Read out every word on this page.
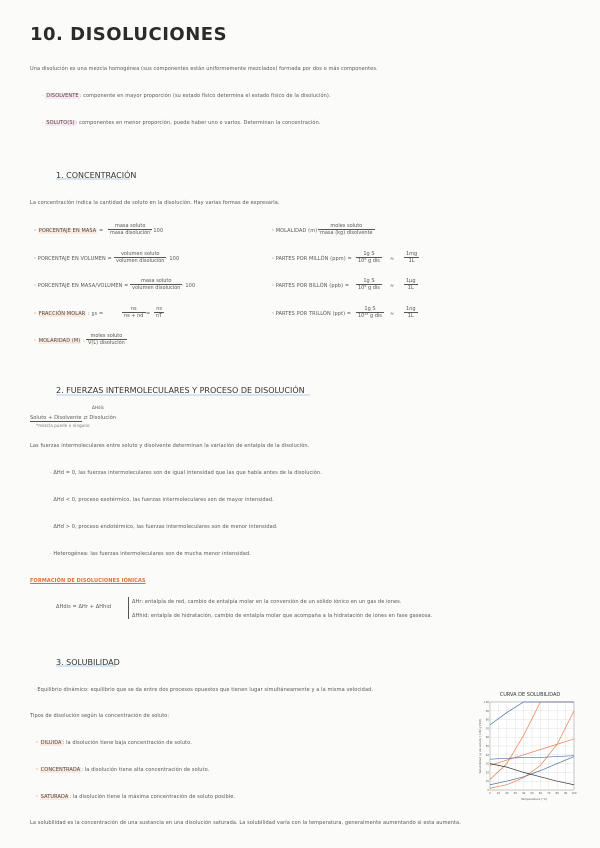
10. DISOLUCIONES
Una disolución es una mezcla homogénea (sus componentes están uniformemente mezclados) formada por dos o más componentes.
· DISOLVENTE: componente en mayor proporción (su estado físico determina el estado físico de la disolución).
· SOLUTO(S): componentes en menor proporción, puede haber uno o varios. Determinan la concentración.
1. CONCENTRACIÓN
La concentración indica la cantidad de soluto en la disolución. Hay varias formas de expresarla.
· PORCENTAJE EN MASA =
masa soluto
masa disolución · 100
· PORCENTAJE EN VOLUMEN =
volumen soluto
volumen disolución · 100
· PORCENTAJE EN MASA/VOLUMEN =
masa soluto
volumen disolución · 100
· FRACCIÓN MOLAR : χs =	$\frac{ns}{ns + nd} = \frac{ns}{nT}$
· MOLARIDAD (M) :
moles soluto
V(L) disolución
· MOLALIDAD (m) :
moles soluto
masa (kg) disolvente
· PARTES POR MILLÓN (ppm) =
1g S
10⁶ g dis	≈ $\frac{1mg}{1L}$
· PARTES POR BILLÓN (ppb) =
1g S
10⁹ g dis	≈
1µg
1L
· PARTES POR TRILLÓN (ppt) =
1g S
10¹² g dis	≈ $\frac{1ng}{1L}$
2. FUERZAS INTERMOLECULARES Y PROCESO DE DISOLUCIÓN
ΔHdis
Soluto + Disolvente ⇄ Disolución
*mezcla puede o ninguno
Las fuerzas intermoleculares entre soluto y disolvente determinan la variación de entalpía de la disolución.
· ΔHd = 0, las fuerzas intermoleculares son de igual intensidad que las que había antes de la disolución.
· ΔHd < 0, proceso exotérmico, las fuerzas intermoleculares son de mayor intensidad.
· ΔHd > 0, proceso endotérmico, las fuerzas intermoleculares son de menor intensidad.
· Heterogénea: las fuerzas intermoleculares son de mucha menor intensidad.
FORMACIÓN DE DISOLUCIONES IÓNICAS
ΔHdis = ΔHr + ΔHhid
ΔHr: entalpía de red, cambio de entalpía molar en la conversión de un sólido iónico en un gas de iones.
ΔHhid: entalpía de hidratación, cambio de entalpía molar que acompaña a la hidratación de iones en fase gaseosa.
3. SOLUBILIDAD
· Equilibrio dinámico: equilibrio que se da entre dos procesos opuestos que tienen lugar simultáneamente y a la misma velocidad.
Tipos de disolución según la concentración de soluto:
· DILUIDA: la disolución tiene baja concentración de soluto.
· CONCENTRADA: la disolución tiene alta concentración de soluto.
· SATURADA: la disolución tiene la máxima concentración de soluto posible.
La solubilidad es la concentración de una sustancia en una disolución saturada. La solubilidad varía con la temperatura, generalmente aumentando si esta aumenta.
CURVA DE SOLUBILIDAD
0 10 20 30 40 50 60 70 80 90 100
0
10
20
30
40
50
60
70
80
90
100
Temperatura (°C)
Solubilidad (g de soluto / 100 g H₂O)
